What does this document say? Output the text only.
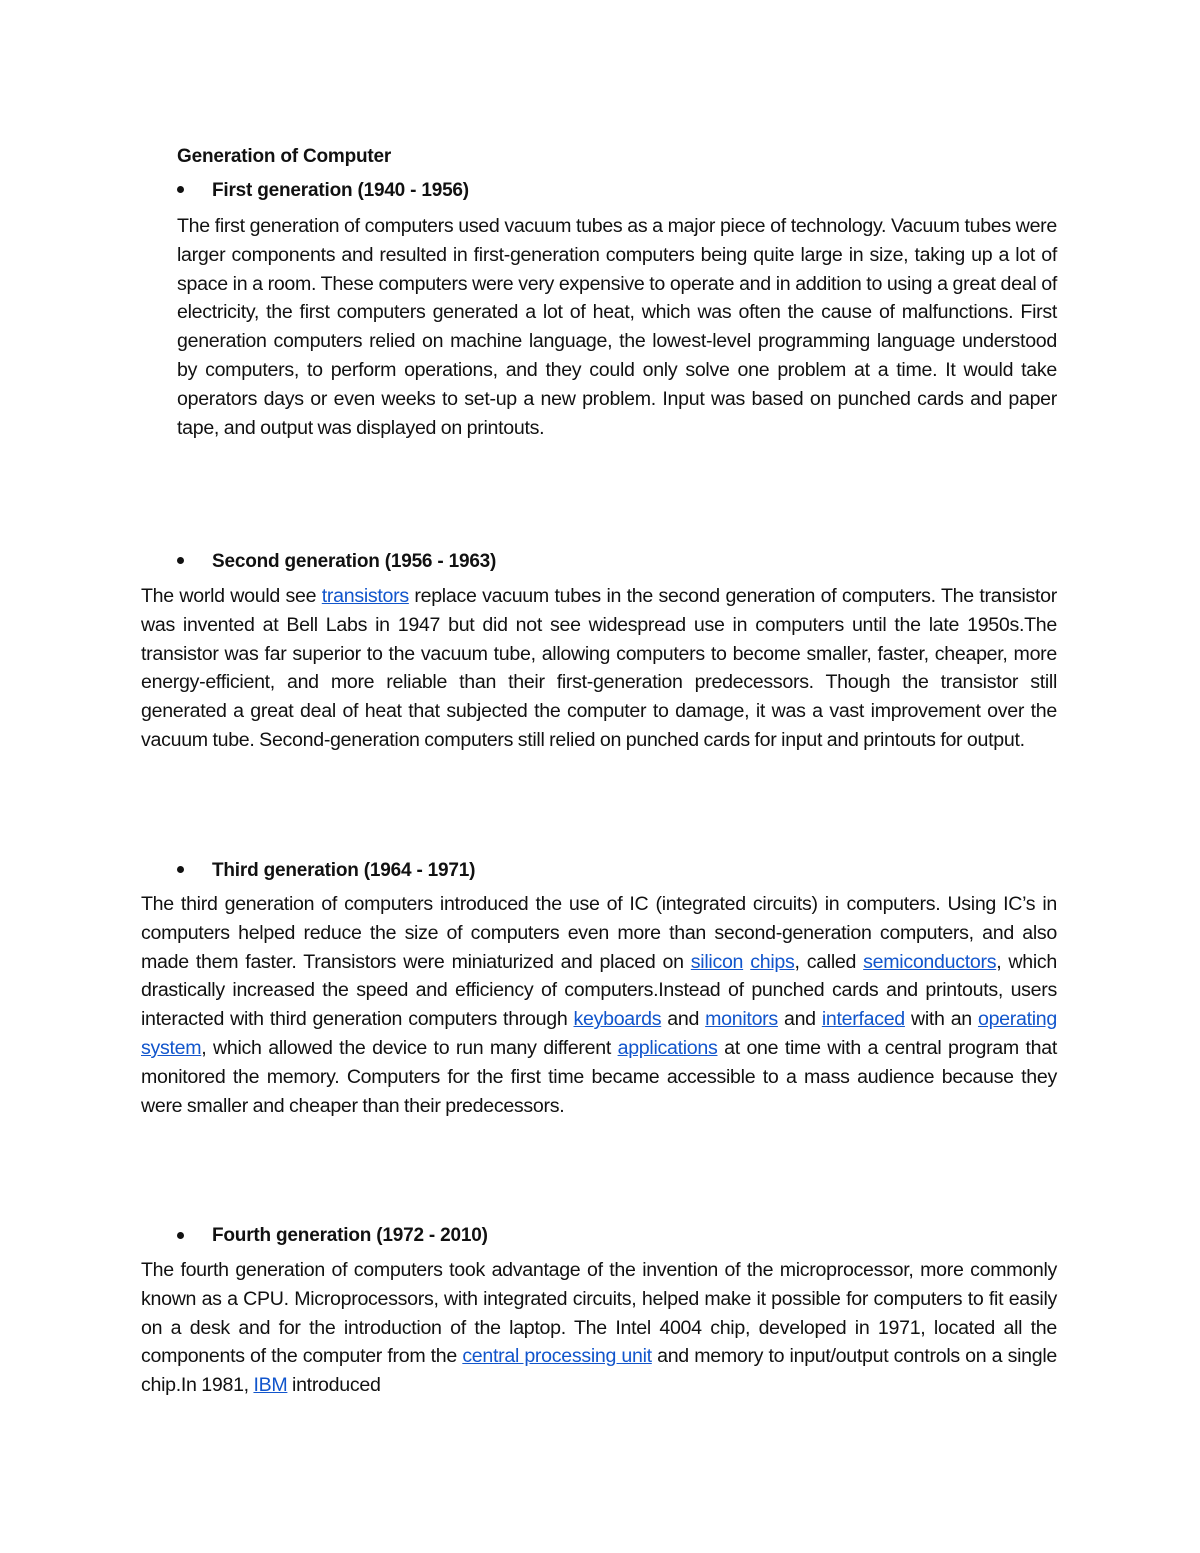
Generation of Computer
First generation (1940 - 1956)
The first generation of computers used vacuum tubes as a major piece of technology. Vacuum tubes were larger components and resulted in first-generation computers being quite large in size, taking up a lot of space in a room. These computers were very expensive to operate and in addition to using a great deal of electricity, the first computers generated a lot of heat, which was often the cause of malfunctions. First generation computers relied on machine language, the lowest-level programming language understood by computers, to perform operations, and they could only solve one problem at a time. It would take operators days or even weeks to set-up a new problem. Input was based on punched cards and paper tape, and output was displayed on printouts.
Second generation (1956 - 1963)
The world would see transistors replace vacuum tubes in the second generation of computers. The transistor was invented at Bell Labs in 1947 but did not see widespread use in computers until the late 1950s.The transistor was far superior to the vacuum tube, allowing computers to become smaller, faster, cheaper, more energy-efficient, and more reliable than their first-generation predecessors. Though the transistor still generated a great deal of heat that subjected the computer to damage, it was a vast improvement over the vacuum tube. Second-generation computers still relied on punched cards for input and printouts for output.
Third generation (1964 - 1971)
The third generation of computers introduced the use of IC (integrated circuits) in computers. Using IC’s in computers helped reduce the size of computers even more than second-generation computers, and also made them faster. Transistors were miniaturized and placed on silicon chips, called semiconductors, which drastically increased the speed and efficiency of computers.Instead of punched cards and printouts, users interacted with third generation computers through keyboards and monitors and interfaced with an operating system, which allowed the device to run many different applications at one time with a central program that monitored the memory. Computers for the first time became accessible to a mass audience because they were smaller and cheaper than their predecessors.
Fourth generation (1972 - 2010)
The fourth generation of computers took advantage of the invention of the microprocessor, more commonly known as a CPU. Microprocessors, with integrated circuits, helped make it possible for computers to fit easily on a desk and for the introduction of the laptop. The Intel 4004 chip, developed in 1971, located all the components of the computer from the central processing unit and memory to input/output controls on a single chip.In 1981, IBM introduced
